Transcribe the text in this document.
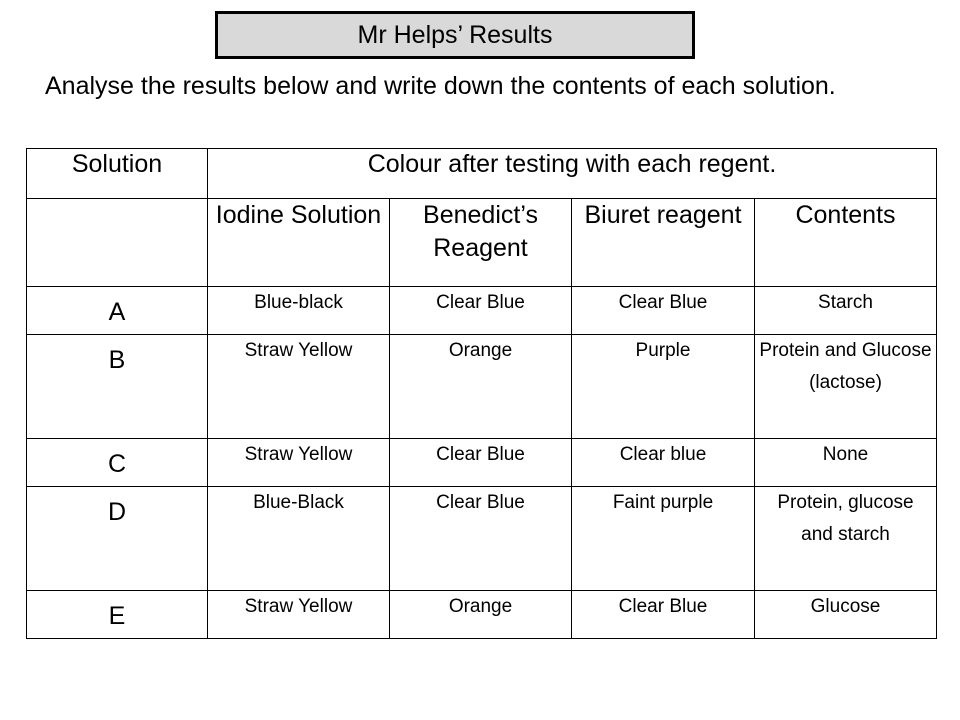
Mr Helps’ Results
Analyse the results below and write down the contents of each solution.
Solution	Colour after testing with each regent.			
	Iodine Solution	Benedict’s Reagent	Biuret reagent	Contents
A	Blue-black	Clear Blue	Clear Blue	Starch
B	Straw Yellow	Orange	Purple	Protein and Glucose (lactose)
C	Straw Yellow	Clear Blue	Clear blue	None
D	Blue-Black	Clear Blue	Faint purple	Protein, glucose and starch
E	Straw Yellow	Orange	Clear Blue	Glucose
